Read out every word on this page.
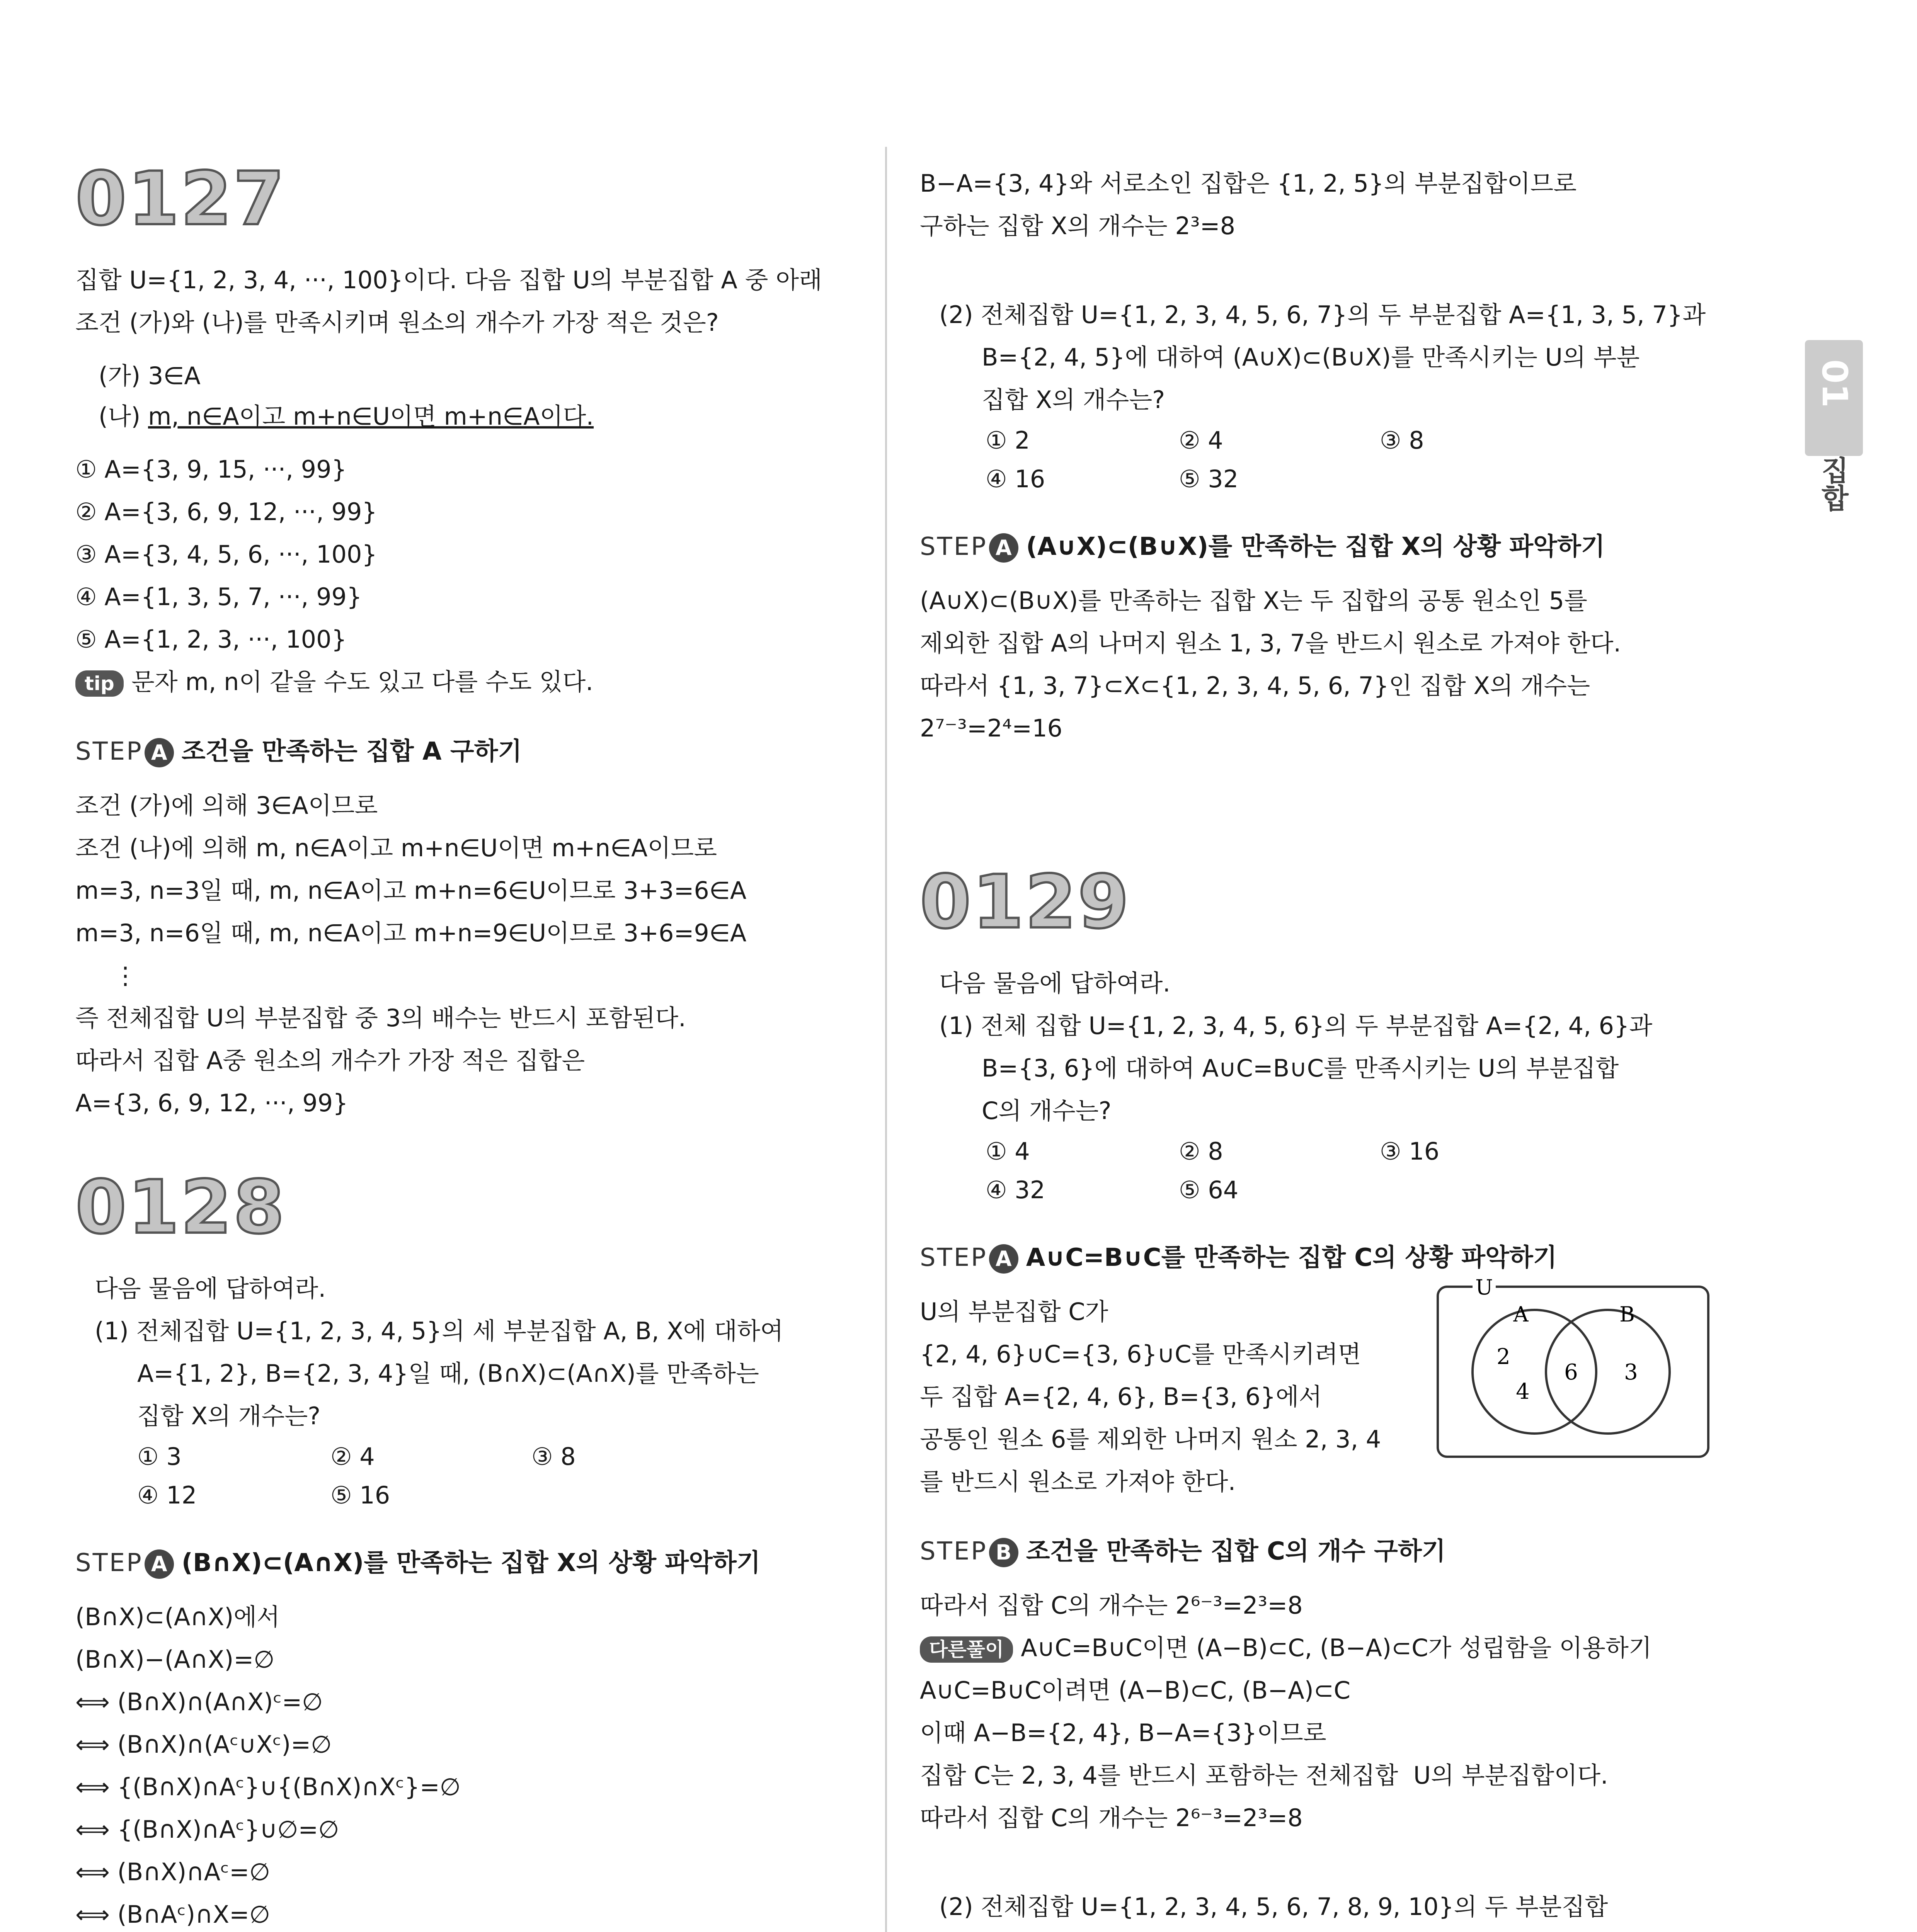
0127

집합 U={1, 2, 3, 4, ···, 100}이다. 다음 집합 U의 부분집합 A 중 아래

조건 (가)와 (나)를 만족시키며 원소의 개수가 가장 적은 것은?

(가) 3∈A
(나) m, n∈A이고 m+n∈U이면 m+n∈A이다.

① A={3, 9, 15, ···, 99}

② A={3, 6, 9, 12, ···, 99}

③ A={3, 4, 5, 6, ···, 100}

④ A={1, 3, 5, 7, ···, 99}

⑤ A={1, 2, 3, ···, 100}

tip 문자 m, n이 같을 수도 있고 다를 수도 있다.

STEP A 조건을 만족하는 집합 A 구하기

조건 (가)에 의해 3∈A이므로

조건 (나)에 의해 m, n∈A이고 m+n∈U이면 m+n∈A이므로

m=3, n=3일 때, m, n∈A이고 m+n=6∈U이므로 3+3=6∈A

m=3, n=6일 때, m, n∈A이고 m+n=9∈U이므로 3+6=9∈A

⋮

즉 전체집합 U의 부분집합 중 3의 배수는 반드시 포함된다.

따라서 집합 A중 원소의 개수가 가장 적은 집합은

A={3, 6, 9, 12, ···, 99}

0128

다음 물음에 답하여라.

(1) 전체집합 U={1, 2, 3, 4, 5}의 세 부분집합 A, B, X에 대하여

A={1, 2}, B={2, 3, 4}일 때, (B∩X)⊂(A∩X)를 만족하는

집합 X의 개수는?

① 3	② 4	③ 8
④ 12	⑤ 16
STEP A (B∩X)⊂(A∩X)를 만족하는 집합 X의 상황 파악하기

(B∩X)⊂(A∩X)에서

(B∩X)−(A∩X)=∅

⟺ (B∩X)∩(A∩X)ᶜ=∅

⟺ (B∩X)∩(Aᶜ∪Xᶜ)=∅

⟺ {(B∩X)∩Aᶜ}∪{(B∩X)∩Xᶜ}=∅

⟺ {(B∩X)∩Aᶜ}∪∅=∅

⟺ (B∩X)∩Aᶜ=∅

⟺ (B∩Aᶜ)∩X=∅

B−A={3, 4}와 서로소인 집합은 {1, 2, 5}의 부분집합이므로

구하는 집합 X의 개수는 2³=8

(2) 전체집합 U={1, 2, 3, 4, 5, 6, 7}의 두 부분집합 A={1, 3, 5, 7}과

B={2, 4, 5}에 대하여 (A∪X)⊂(B∪X)를 만족시키는 U의 부분

집합 X의 개수는?

① 2	② 4	③ 8
④ 16	⑤ 32
STEP A (A∪X)⊂(B∪X)를 만족하는 집합 X의 상황 파악하기

(A∪X)⊂(B∪X)를 만족하는 집합 X는 두 집합의 공통 원소인 5를

제외한 집합 A의 나머지 원소 1, 3, 7을 반드시 원소로 가져야 한다.

따라서 {1, 3, 7}⊂X⊂{1, 2, 3, 4, 5, 6, 7}인 집합 X의 개수는

2⁷⁻³=2⁴=16

0129

다음 물음에 답하여라.

(1) 전체 집합 U={1, 2, 3, 4, 5, 6}의 두 부분집합 A={2, 4, 6}과

B={3, 6}에 대하여 A∪C=B∪C를 만족시키는 U의 부분집합

C의 개수는?

① 4	② 8	③ 16
④ 32	⑤ 64
STEP A A∪C=B∪C를 만족하는 집합 C의 상황 파악하기

U의 부분집합 C가

{2, 4, 6}∪C={3, 6}∪C를 만족시키려면

두 집합 A={2, 4, 6}, B={3, 6}에서

공통인 원소 6를 제외한 나머지 원소 2, 3, 4

를 반드시 원소로 가져야 한다.

U
A	B
2
4
6 3
STEP B 조건을 만족하는 집합 C의 개수 구하기

따라서 집합 C의 개수는 2⁶⁻³=2³=8

다른풀이 A∪C=B∪C이면 (A−B)⊂C, (B−A)⊂C가 성립함을 이용하기

A∪C=B∪C이려면 (A−B)⊂C, (B−A)⊂C

이때 A−B={2, 4}, B−A={3}이므로

집합 C는 2, 3, 4를 반드시 포함하는 전체집합  U의 부분집합이다.

따라서 집합 C의 개수는 2⁶⁻³=2³=8

(2) 전체집합 U={1, 2, 3, 4, 5, 6, 7, 8, 9, 10}의 두 부분집합

01
집합
